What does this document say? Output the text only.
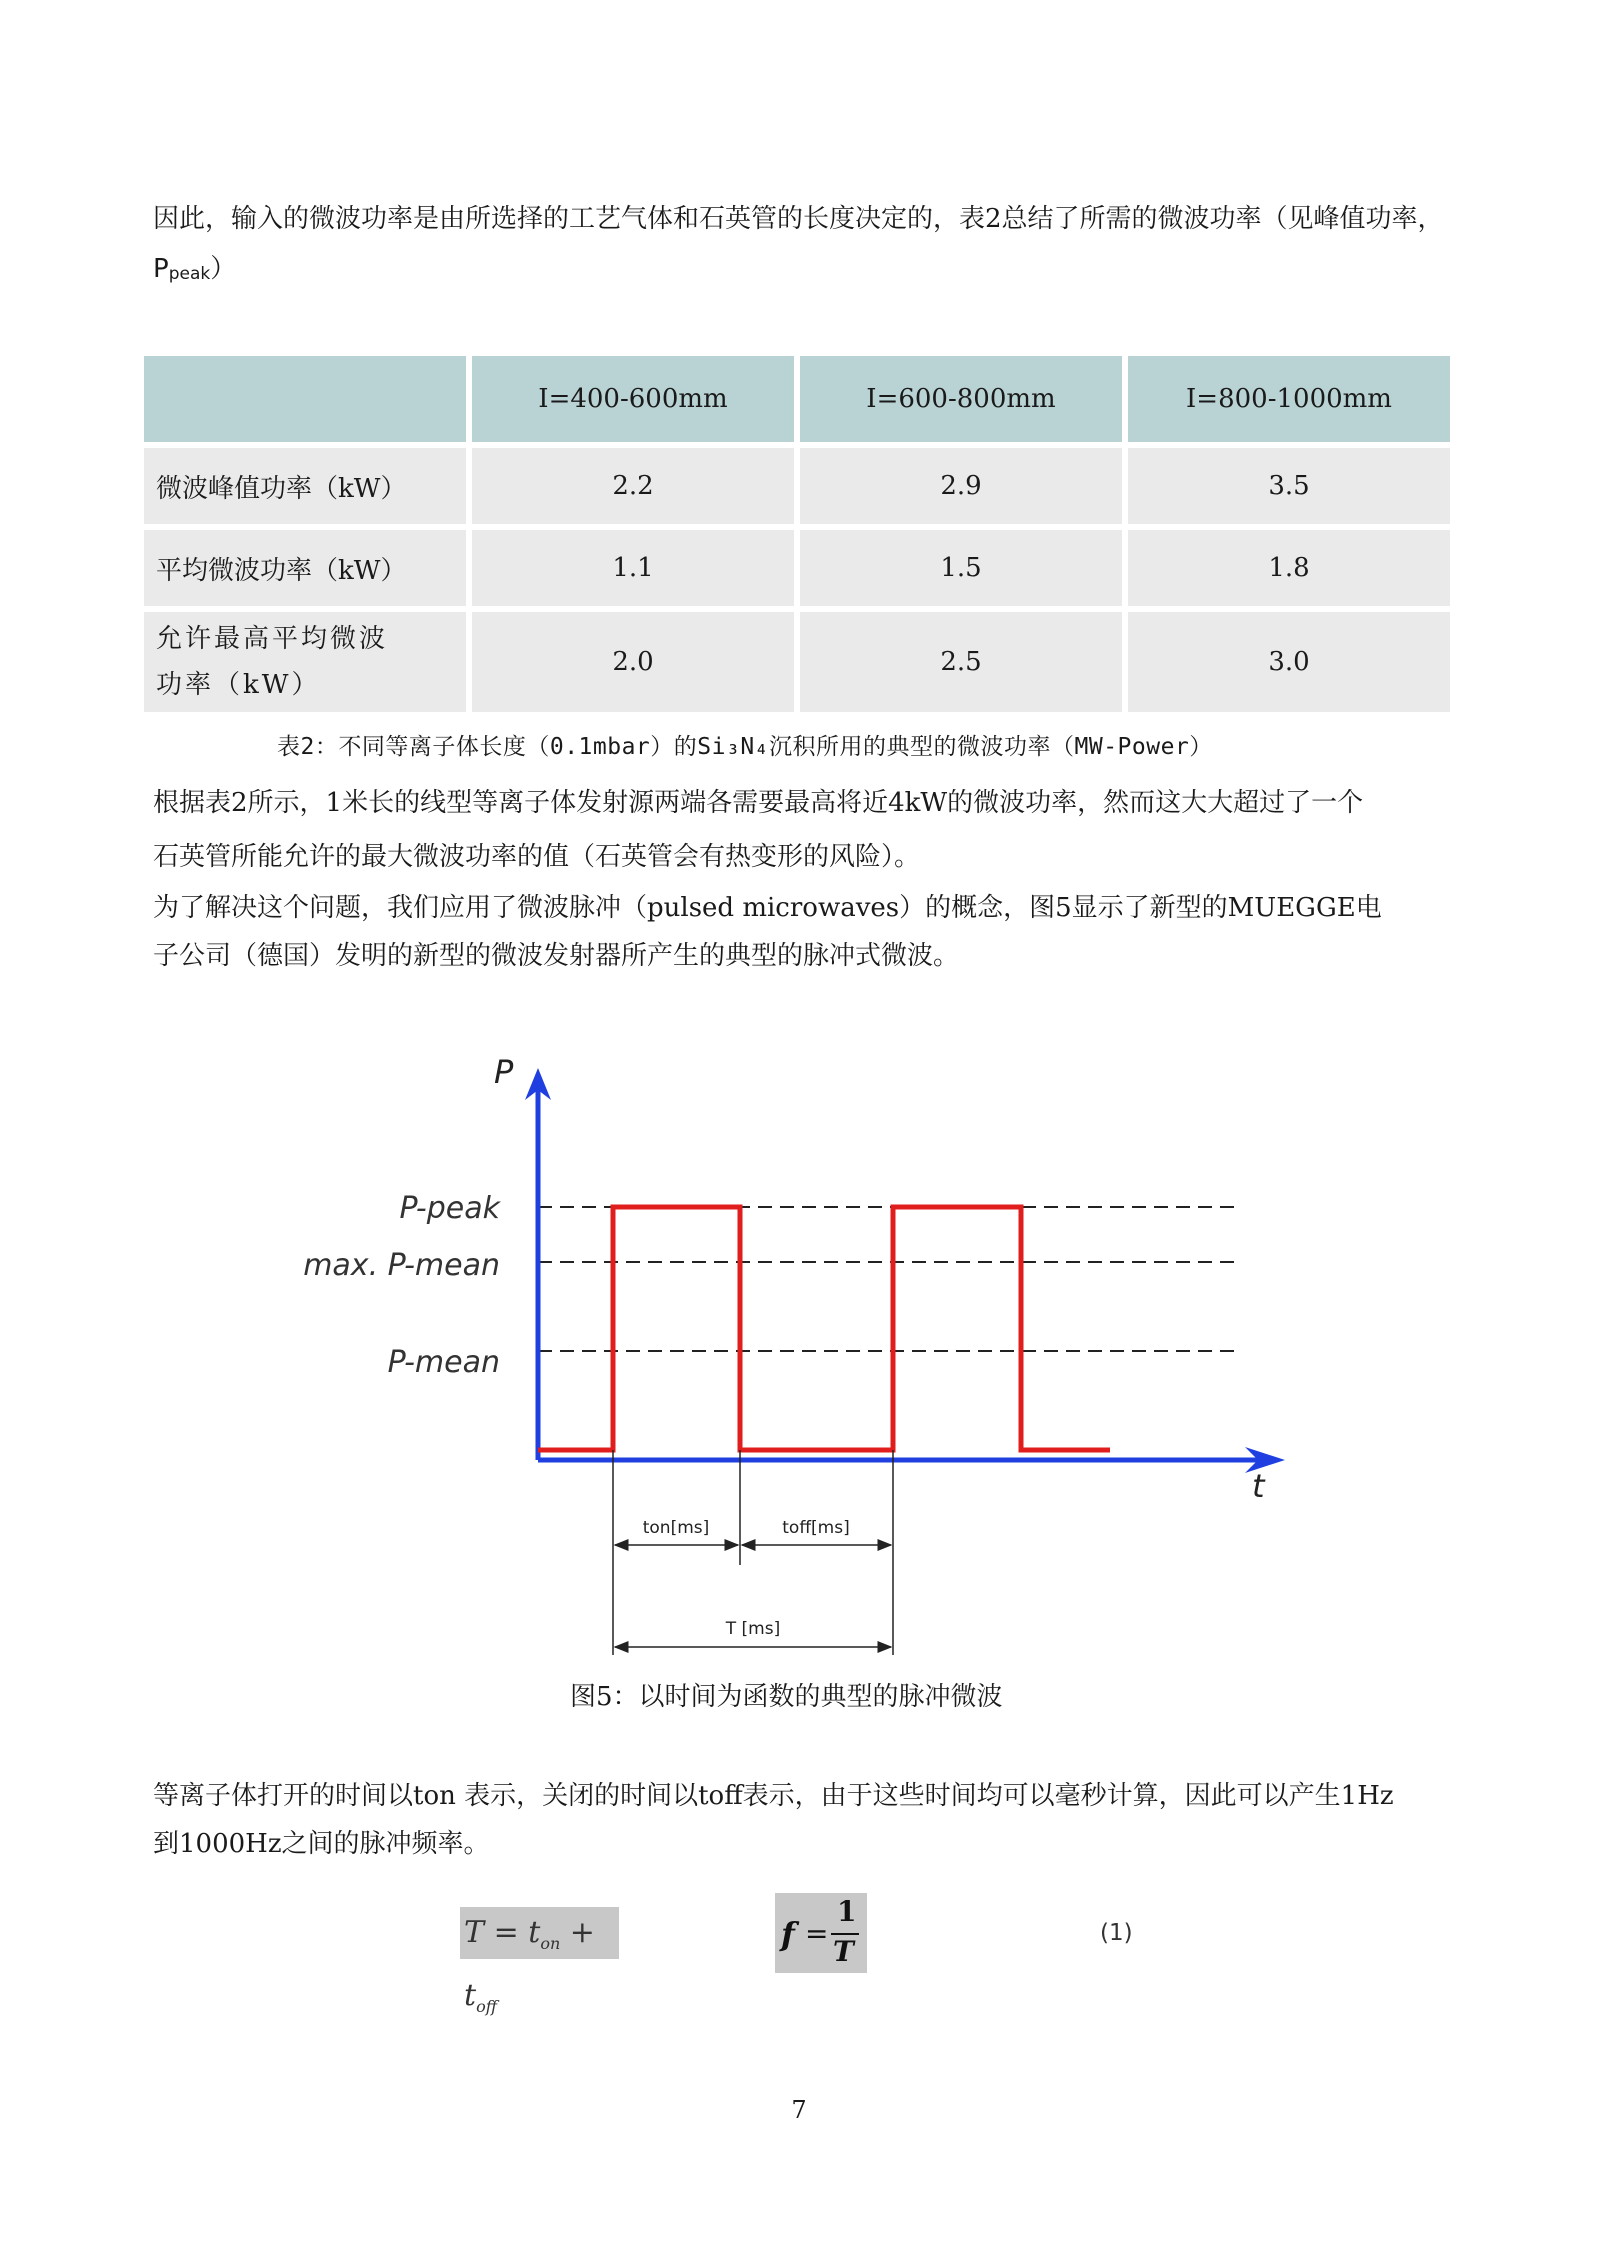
因此，输入的微波功率是由所选择的工艺气体和石英管的长度决定的，表2总结了所需的微波功率（见峰值功率，
$P_{peak}$）

	I=400-600mm	I=600-800mm	I=800-1000mm
微波峰值功率（kW）	2.2	2.9	3.5
平均微波功率（kW）	1.1	1.5	1.8
允许最高平均微波
功率（kW）	2.0	2.5	3.0

表2：不同等离子体长度（0.1mbar）的Si₃N₄沉积所用的典型的微波功率（MW-Power）

根据表2所示，1米长的线型等离子体发射源两端各需要最高将近4kW的微波功率，然而这大大超过了一个
石英管所能允许的最大微波功率的值（石英管会有热变形的风险）。

为了解决这个问题，我们应用了微波脉冲（pulsed microwaves）的概念，图5显示了新型的MUEGGE电
子公司（德国）发明的新型的微波发射器所产生的典型的脉冲式微波。

P
t
P-peak
max. P-mean
P-mean
ton[ms]	toff[ms]
T [ms]

图5：以时间为函数的典型的脉冲微波

等离子体打开的时间以ton 表示，关闭的时间以toff表示，由于这些时间均可以毫秒计算，因此可以产生1Hz
到1000Hz之间的脉冲频率。

$T = t_{on} + t_{off}$
f =
1
T

(1)

7
